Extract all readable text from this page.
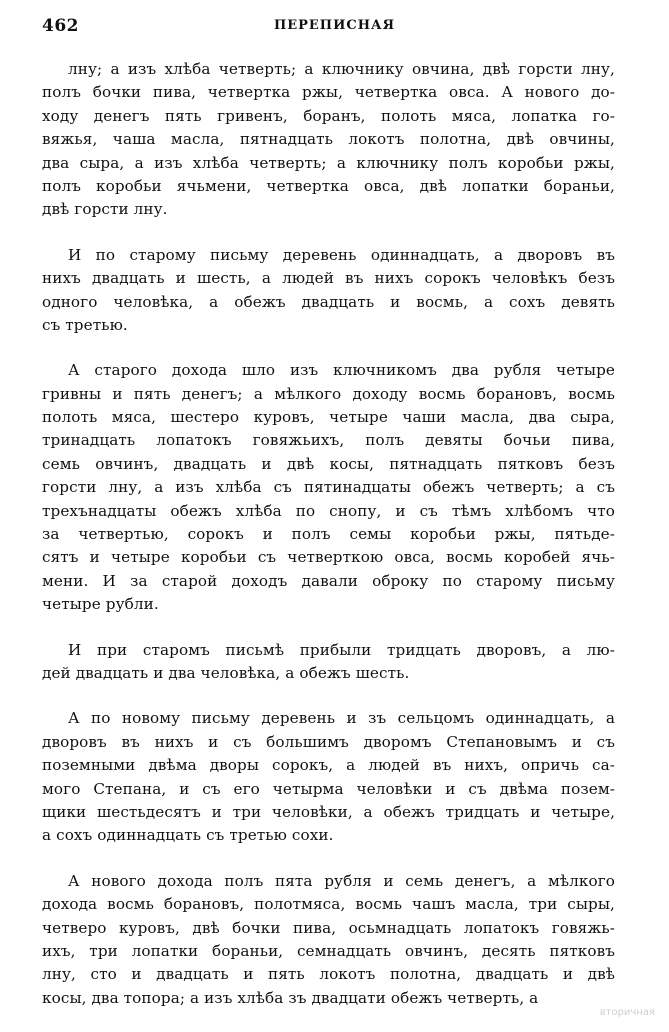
462	ПЕРЕПИСНАЯ
лну; а изъ хлѣба четверть; а ключнику овчина, двѣ горсти лну,
полъ бочки пива, четвертка ржы, четвертка овса. А нового до-
ходу денегъ пять гривенъ, боранъ, полоть мяса, лопатка го-
вяжья, чаша масла, пятнадцать локотъ полотна, двѣ овчины,
два сыра, а изъ хлѣба четверть; а ключнику полъ коробьи ржы,
полъ коробьи ячьмени, четвертка овса, двѣ лопатки бораньи,
двѣ горсти лну.
И по старому письму деревень одиннадцать, а дворовъ въ
нихъ двадцать и шесть, а людей въ нихъ сорокъ человѣкъ безъ
одного человѣка, а обежъ двадцать и восмь, а сохъ девять
съ третью.
А старого дохода шло изъ ключникомъ два рубля четыре
гривны и пять денегъ; а мѣлкого доходу восмь борановъ, восмь
полоть мяса, шестеро куровъ, четыре чаши масла, два сыра,
тринадцать лопатокъ говяжьихъ, полъ девяты бочьи пива,
семь овчинъ, двадцать и двѣ косы, пятнадцать пятковъ безъ
горсти лну, а изъ хлѣба съ пятинадцаты обежъ четверть; а съ
трехънадцаты обежъ хлѣба по снопу, и съ тѣмъ хлѣбомъ что
за четвертью, сорокъ и полъ семы коробьи ржы, пятьде-
сятъ и четыре коробьи съ четверткою овса, восмь коробей ячь-
мени. И за старой доходъ давали оброку по старому письму
четыре рубли.
И при старомъ письмѣ прибыли тридцать дворовъ, а лю-
дей двадцать и два человѣка, а обежъ шесть.
А по новому письму деревень и зъ сельцомъ одиннадцать, а
дворовъ въ нихъ и съ большимъ дворомъ Степановымъ и съ
поземными двѣма дворы сорокъ, а людей въ нихъ, опричь са-
мого Степана, и съ его четырма человѣки и съ двѣма позем-
щики шестьдесятъ и три человѣки, а обежъ тридцать и четыре,
а сохъ одиннадцать съ третью сохи.
А нового дохода полъ пята рубля и семь денегъ, а мѣлкого
дохода восмь борановъ, полотмяса, восмь чашъ масла, три сыры,
четверо куровъ, двѣ бочки пива, осьмнадцать лопатокъ говяжь-
ихъ, три лопатки бораньи, семнадцать овчинъ, десять пятковъ
лну, сто и двадцать и пять локотъ полотна, двадцать и двѣ
косы, два топора; а изъ хлѣба зъ двадцати обежъ четверть, а
вторичная
